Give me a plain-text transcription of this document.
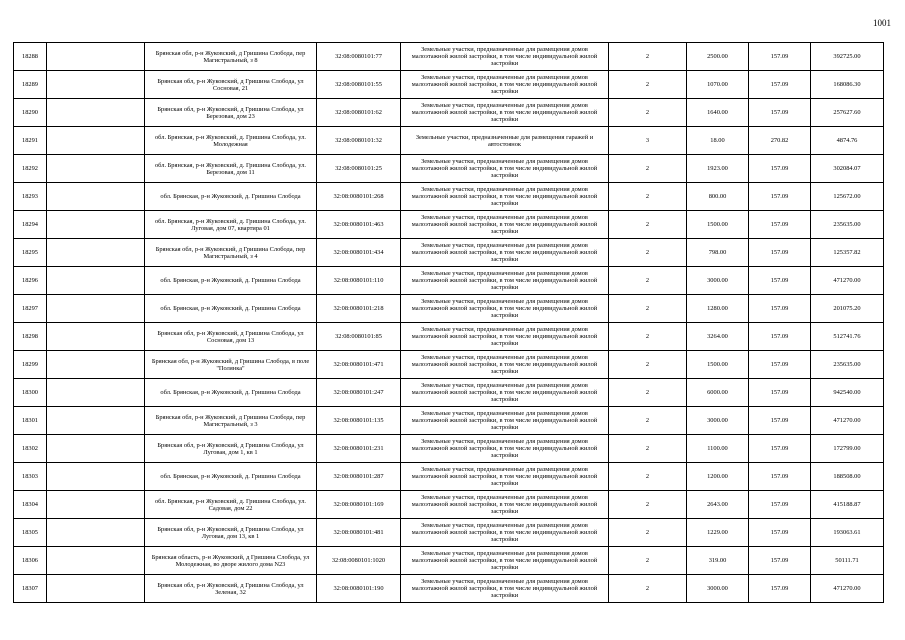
1001
18288		Брянская обл, р-н Жуковский, д Гришина Слобода, пер Магистральный, з 8	32:08:0080101:77	Земельные участки, предназначенные для размещения домов малоэтажной жилой застройки, в том числе индивидуальной жилой застройки	2	2500.00	157.09	392725.00
18289		Брянская обл, р-н Жуковский, д Гришина Слобода, ул Сосновая, 21	32:08:0080101:55	Земельные участки, предназначенные для размещения домов малоэтажной жилой застройки, в том числе индивидуальной жилой застройки	2	1070.00	157.09	168086.30
18290		Брянская обл, р-н Жуковский, д Гришина Слобода, ул Березовая, дом 23	32:08:0080101:62	Земельные участки, предназначенные для размещения домов малоэтажной жилой застройки, в том числе индивидуальной жилой застройки	2	1640.00	157.09	257627.60
18291		обл. Брянская, р-н Жуковский, д. Гришина Слобода, ул. Молодежная	32:08:0080101:32	Земельные участки, предназначенные для размещения гаражей и автостоянок	3	18.00	270.82	4874.76
18292		обл. Брянская, р-н Жуковский, д. Гришина Слобода, ул. Березовая, дом 11	32:08:0080101:25	Земельные участки, предназначенные для размещения домов малоэтажной жилой застройки, в том числе индивидуальной жилой застройки	2	1923.00	157.09	302084.07
18293		обл. Брянская, р-н Жуковский, д. Гришина Слобода	32:08:0080101:268	Земельные участки, предназначенные для размещения домов малоэтажной жилой застройки, в том числе индивидуальной жилой застройки	2	800.00	157.09	125672.00
18294		обл. Брянская, р-н Жуковский, д. Гришина Слобода, ул. Луговая, дом 07, квартира 01	32:08:0080101:463	Земельные участки, предназначенные для размещения домов малоэтажной жилой застройки, в том числе индивидуальной жилой застройки	2	1500.00	157.09	235635.00
18295		Брянская обл, р-н Жуковский, д Гришина Слобода, пер Магистральный, з 4	32:08:0080101:434	Земельные участки, предназначенные для размещения домов малоэтажной жилой застройки, в том числе индивидуальной жилой застройки	2	798.00	157.09	125357.82
18296		обл. Брянская, р-н Жуковский, д. Гришина Слобода	32:08:0080101:110	Земельные участки, предназначенные для размещения домов малоэтажной жилой застройки, в том числе индивидуальной жилой застройки	2	3000.00	157.09	471270.00
18297		обл. Брянская, р-н Жуковский, д. Гришина Слобода	32:08:0080101:218	Земельные участки, предназначенные для размещения домов малоэтажной жилой застройки, в том числе индивидуальной жилой застройки	2	1280.00	157.09	201075.20
18298		Брянская обл, р-н Жуковский, д Гришина Слобода, ул Сосновая, дом 13	32:08:0080101:85	Земельные участки, предназначенные для размещения домов малоэтажной жилой застройки, в том числе индивидуальной жилой застройки	2	3264.00	157.09	512741.76
18299		Брянская обл, р-н Жуковский, д Гришина Слобода, в поле "Полянка"	32:08:0080101:471	Земельные участки, предназначенные для размещения домов малоэтажной жилой застройки, в том числе индивидуальной жилой застройки	2	1500.00	157.09	235635.00
18300		обл. Брянская, р-н Жуковский, д. Гришина Слобода	32:08:0080101:247	Земельные участки, предназначенные для размещения домов малоэтажной жилой застройки, в том числе индивидуальной жилой застройки	2	6000.00	157.09	942540.00
18301		Брянская обл, р-н Жуковский, д Гришина Слобода, пер Магистральный, з 3	32:08:0080101:135	Земельные участки, предназначенные для размещения домов малоэтажной жилой застройки, в том числе индивидуальной жилой застройки	2	3000.00	157.09	471270.00
18302		Брянская обл, р-н Жуковский, д Гришина Слобода, ул Луговая, дом 1, кв 1	32:08:0080101:231	Земельные участки, предназначенные для размещения домов малоэтажной жилой застройки, в том числе индивидуальной жилой застройки	2	1100.00	157.09	172799.00
18303		обл. Брянская, р-н Жуковский, д. Гришина Слобода	32:08:0080101:287	Земельные участки, предназначенные для размещения домов малоэтажной жилой застройки, в том числе индивидуальной жилой застройки	2	1200.00	157.09	188508.00
18304		обл. Брянская, р-н Жуковский, д. Гришина Слобода, ул. Садовая, дом 22	32:08:0080101:169	Земельные участки, предназначенные для размещения домов малоэтажной жилой застройки, в том числе индивидуальной жилой застройки	2	2643.00	157.09	415188.87
18305		Брянская обл, р-н Жуковский, д Гришина Слобода, ул Луговая, дом 13, кв 1	32:08:0080101:481	Земельные участки, предназначенные для размещения домов малоэтажной жилой застройки, в том числе индивидуальной жилой застройки	2	1229.00	157.09	193063.61
18306		Брянская область, р-н Жуковский, д Гришина Слобода, ул Молодежная, во дворе жилого дома N23	32:08:0080101:1020	Земельные участки, предназначенные для размещения домов малоэтажной жилой застройки, в том числе индивидуальной жилой застройки	2	319.00	157.09	50111.71
18307		Брянская обл, р-н Жуковский, д Гришина Слобода, ул Зеленая, 32	32:08:0080101:190	Земельные участки, предназначенные для размещения домов малоэтажной жилой застройки, в том числе индивидуальной жилой застройки	2	3000.00	157.09	471270.00
